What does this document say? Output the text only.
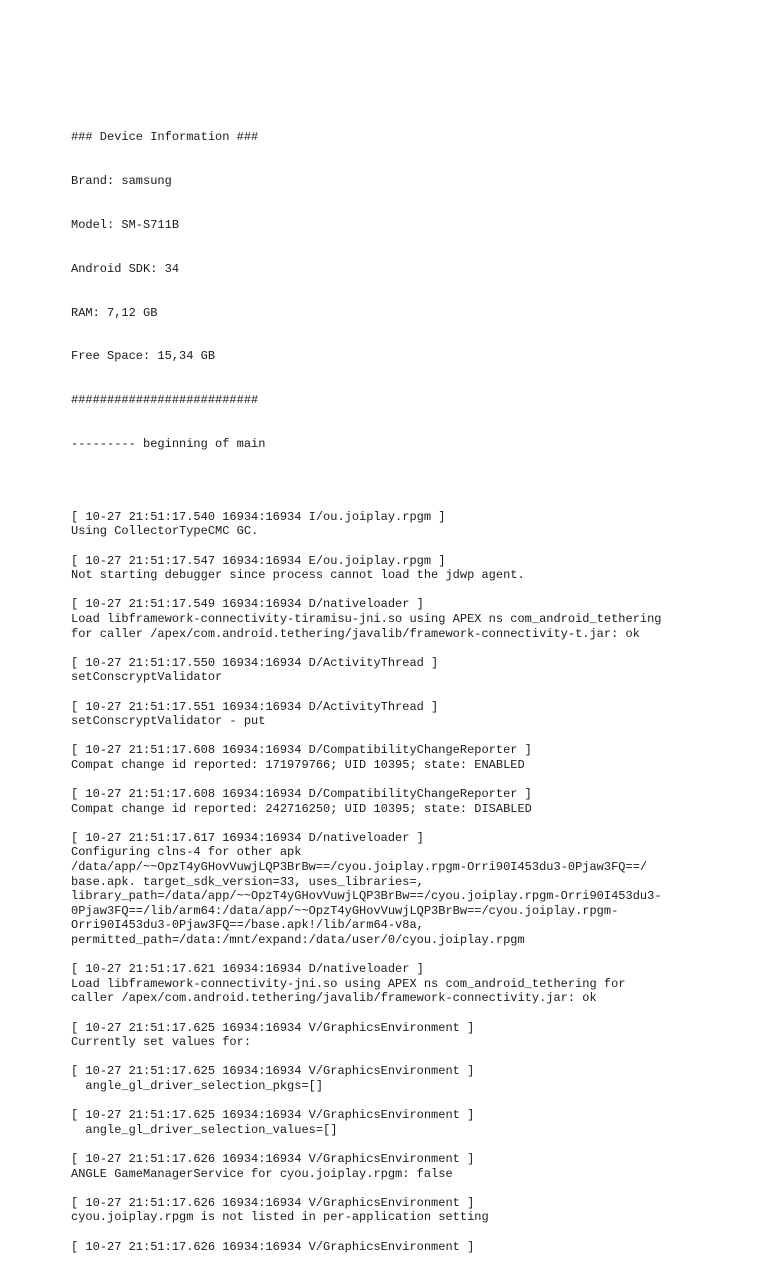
### Device Information ###

Brand: samsung

Model: SM-S711B

Android SDK: 34

RAM: 7,12 GB

Free Space: 15,34 GB

##########################

--------- beginning of main

[ 10-27 21:51:17.540 16934:16934 I/ou.joiplay.rpgm ]
Using CollectorTypeCMC GC.
[ 10-27 21:51:17.547 16934:16934 E/ou.joiplay.rpgm ]
Not starting debugger since process cannot load the jdwp agent.
[ 10-27 21:51:17.549 16934:16934 D/nativeloader ]
Load libframework-connectivity-tiramisu-jni.so using APEX ns com_android_tethering
for caller /apex/com.android.tethering/javalib/framework-connectivity-t.jar: ok
[ 10-27 21:51:17.550 16934:16934 D/ActivityThread ]
setConscryptValidator
[ 10-27 21:51:17.551 16934:16934 D/ActivityThread ]
setConscryptValidator - put
[ 10-27 21:51:17.608 16934:16934 D/CompatibilityChangeReporter ]
Compat change id reported: 171979766; UID 10395; state: ENABLED
[ 10-27 21:51:17.608 16934:16934 D/CompatibilityChangeReporter ]
Compat change id reported: 242716250; UID 10395; state: DISABLED
[ 10-27 21:51:17.617 16934:16934 D/nativeloader ]
Configuring clns-4 for other apk
/data/app/~~OpzT4yGHovVuwjLQP3BrBw==/cyou.joiplay.rpgm-Orri90I453du3-0Pjaw3FQ==/
base.apk. target_sdk_version=33, uses_libraries=,
library_path=/data/app/~~OpzT4yGHovVuwjLQP3BrBw==/cyou.joiplay.rpgm-Orri90I453du3-
0Pjaw3FQ==/lib/arm64:/data/app/~~OpzT4yGHovVuwjLQP3BrBw==/cyou.joiplay.rpgm-
Orri90I453du3-0Pjaw3FQ==/base.apk!/lib/arm64-v8a,
permitted_path=/data:/mnt/expand:/data/user/0/cyou.joiplay.rpgm
[ 10-27 21:51:17.621 16934:16934 D/nativeloader ]
Load libframework-connectivity-jni.so using APEX ns com_android_tethering for
caller /apex/com.android.tethering/javalib/framework-connectivity.jar: ok
[ 10-27 21:51:17.625 16934:16934 V/GraphicsEnvironment ]
Currently set values for:
[ 10-27 21:51:17.625 16934:16934 V/GraphicsEnvironment ]
angle_gl_driver_selection_pkgs=[]
[ 10-27 21:51:17.625 16934:16934 V/GraphicsEnvironment ]
angle_gl_driver_selection_values=[]
[ 10-27 21:51:17.626 16934:16934 V/GraphicsEnvironment ]
ANGLE GameManagerService for cyou.joiplay.rpgm: false
[ 10-27 21:51:17.626 16934:16934 V/GraphicsEnvironment ]
cyou.joiplay.rpgm is not listed in per-application setting
[ 10-27 21:51:17.626 16934:16934 V/GraphicsEnvironment ]
